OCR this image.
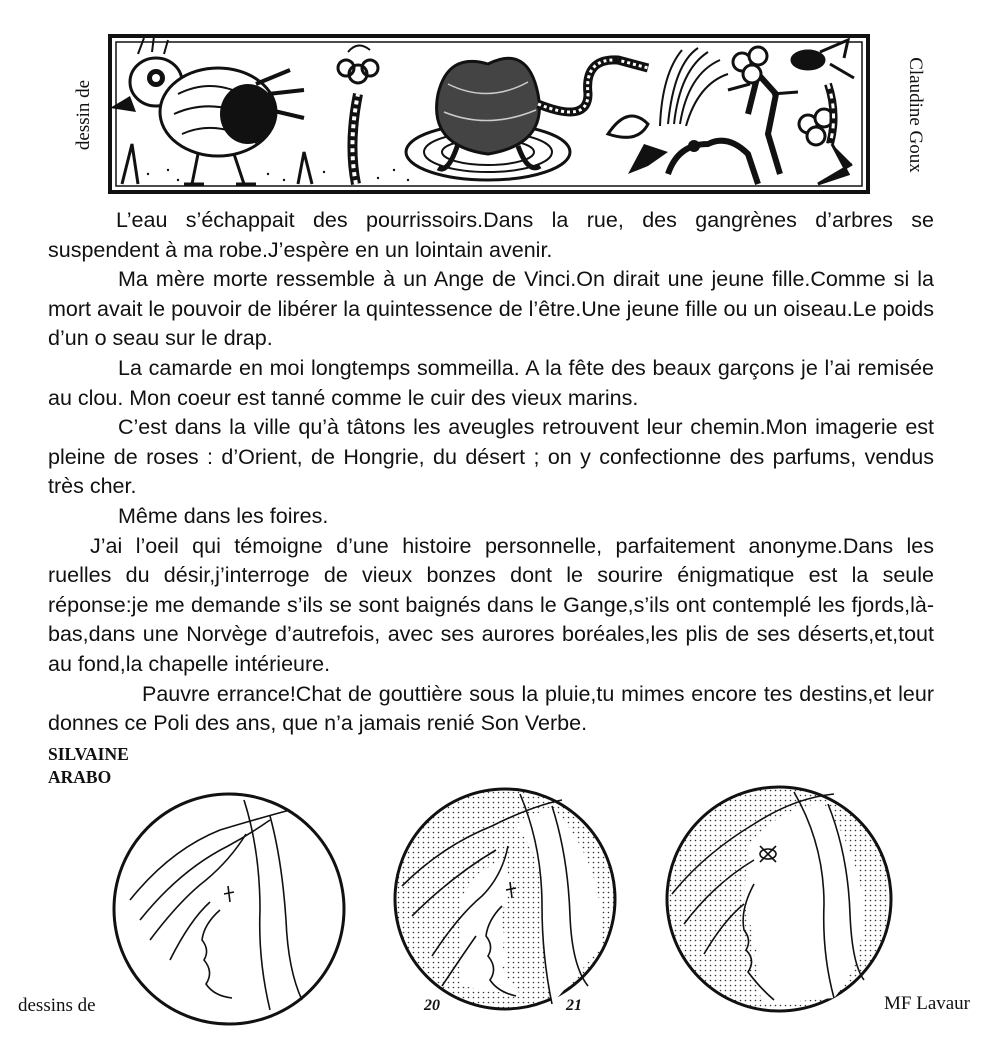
dessin de	Claudine Goux

L’eau s’échappait des pourrissoirs.Dans la rue, des gangrènes d’arbres se suspendent à ma robe.J’espère en un lointain avenir.

Ma mère morte ressemble à un Ange de Vinci.On dirait une jeune fille.Comme si la mort avait le pouvoir de libérer la quintessence de l’être.Une jeune fille ou un oiseau.Le poids d’un o seau sur le drap.

La camarde en moi longtemps sommeilla. A la fête des beaux garçons je l’ai remisée au clou. Mon coeur est tanné comme le cuir des vieux marins.

C’est dans la ville qu’à tâtons les aveugles retrouvent leur chemin.Mon imagerie est pleine de roses : d’Orient, de Hongrie, du désert ; on y confectionne des parfums, vendus très cher.

Même dans les foires.

J’ai l’oeil qui témoigne d’une histoire personnelle, parfaitement anonyme.Dans les ruelles du désir,j’interroge de vieux bonzes dont le sourire énigmatique est la seule réponse:je me demande s’ils se sont baignés dans le Gange,s’ils ont contemplé les fjords,là-bas,dans une Norvège d’autrefois, avec ses aurores boréales,les plis de ses déserts,et,tout au fond,la chapelle intérieure.

Pauvre errance!Chat de gouttière sous la pluie,tu mimes encore tes destins,et leur donnes ce Poli des ans, que n’a jamais renié Son Verbe.

SILVAINE
ARABO
dessins de	20	21	MF Lavaur
